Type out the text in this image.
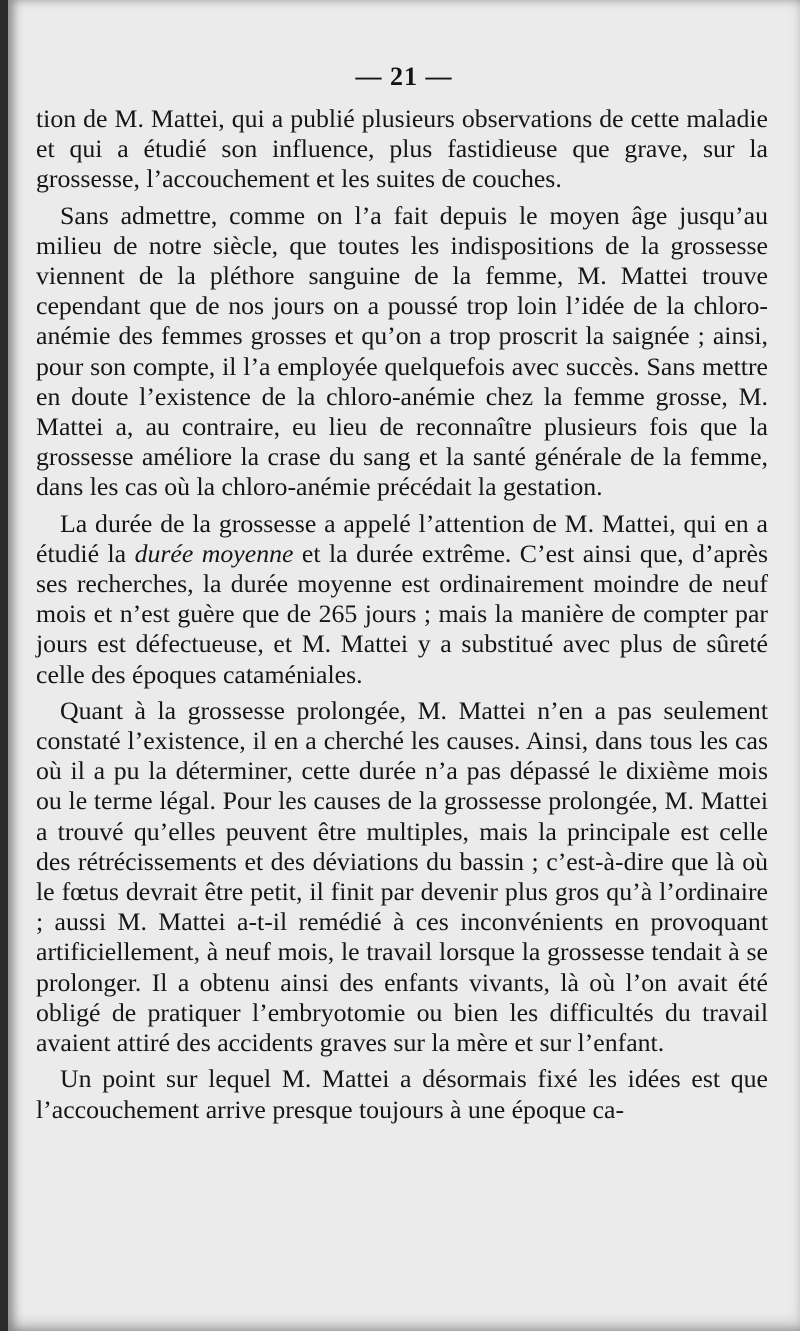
— 21 —

tion de M. Mattei, qui a publié plusieurs observations de cette maladie et qui a étudié son influence, plus fastidieuse que grave, sur la grossesse, l’accouchement et les suites de couches.

Sans admettre, comme on l’a fait depuis le moyen âge jusqu’au milieu de notre siècle, que toutes les indispositions de la grossesse viennent de la pléthore sanguine de la femme, M. Mattei trouve cependant que de nos jours on a poussé trop loin l’idée de la chloro-anémie des femmes grosses et qu’on a trop proscrit la saignée ; ainsi, pour son compte, il l’a employée quelquefois avec succès. Sans mettre en doute l’existence de la chloro-anémie chez la femme grosse, M. Mattei a, au contraire, eu lieu de reconnaître plusieurs fois que la grossesse améliore la crase du sang et la santé générale de la femme, dans les cas où la chloro-anémie précédait la gestation.

La durée de la grossesse a appelé l’attention de M. Mattei, qui en a étudié la durée moyenne et la durée extrême. C’est ainsi que, d’après ses recherches, la durée moyenne est ordinairement moindre de neuf mois et n’est guère que de 265 jours ; mais la manière de compter par jours est défectueuse, et M. Mattei y a substitué avec plus de sûreté celle des époques cataméniales.

Quant à la grossesse prolongée, M. Mattei n’en a pas seulement constaté l’existence, il en a cherché les causes. Ainsi, dans tous les cas où il a pu la déterminer, cette durée n’a pas dépassé le dixième mois ou le terme légal. Pour les causes de la grossesse prolongée, M. Mattei a trouvé qu’elles peuvent être multiples, mais la principale est celle des rétrécissements et des déviations du bassin ; c’est-à-dire que là où le fœtus devrait être petit, il finit par devenir plus gros qu’à l’ordinaire ; aussi M. Mattei a-t-il remédié à ces inconvénients en provoquant artificiellement, à neuf mois, le travail lorsque la grossesse tendait à se prolonger. Il a obtenu ainsi des enfants vivants, là où l’on avait été obligé de pratiquer l’embryotomie ou bien les difficultés du travail avaient attiré des accidents graves sur la mère et sur l’enfant.

Un point sur lequel M. Mattei a désormais fixé les idées est que l’accouchement arrive presque toujours à une époque ca-
